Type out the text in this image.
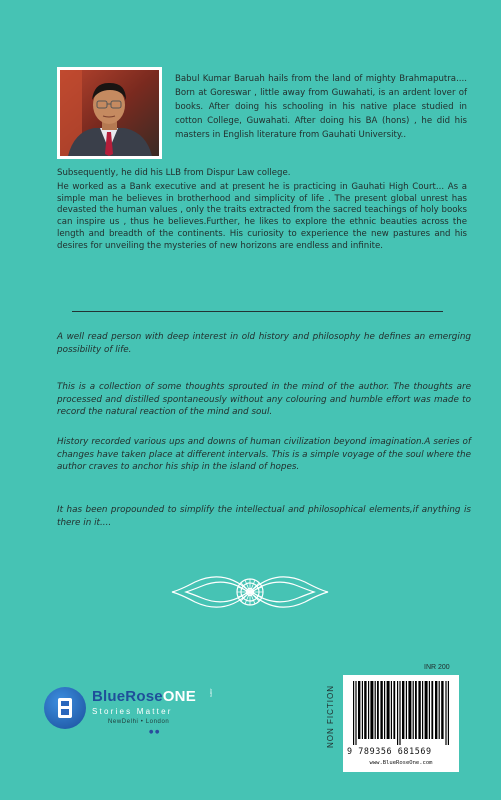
Babul Kumar Baruah hails from the land of mighty Brahmaputra.... Born at Goreswar , little away from Guwahati, is an ardent lover of books. After doing his schooling in his native place studied in cotton College, Guwahati. After doing his BA (hons) , he did his masters in English literature from Gauhati University..

Subsequently, he did his LLB from Dispur Law college.

He worked as a Bank executive and at present he is practicing in Gauhati High Court... As a simple man he believes in brotherhood and simplicity of life . The present global unrest has devasted the human values , only the traits extracted from the sacred teachings of holy books can inspire us , thus he believes.Further, he likes to explore the ethnic beauties across the length and breadth of the continents. His curiosity to experience the new pastures and his desires for unveiling the mysteries of new horizons are endless and infinite.

A well read person with deep interest in old history and philosophy he defines an emerging possibility of life.

This is a collection of some thoughts sprouted in the mind of the author. The thoughts are processed and distilled spontaneously without any colouring and humble effort was made to record the natural reaction of the mind and soul.

History recorded various ups and downs of human civilization beyond imagination.A series of changes have taken place at different intervals. This is a simple voyage of the soul where the author craves to anchor his ship in the island of hopes.

It has been propounded to simplify the intellectual and philosophical elements,if anything is there in it....

BlueRoseONE	.com
Stories Matter
NewDelhi • London
● ●	NON FICTION
INR 200
9 789356 681569
www.BlueRoseOne.com
